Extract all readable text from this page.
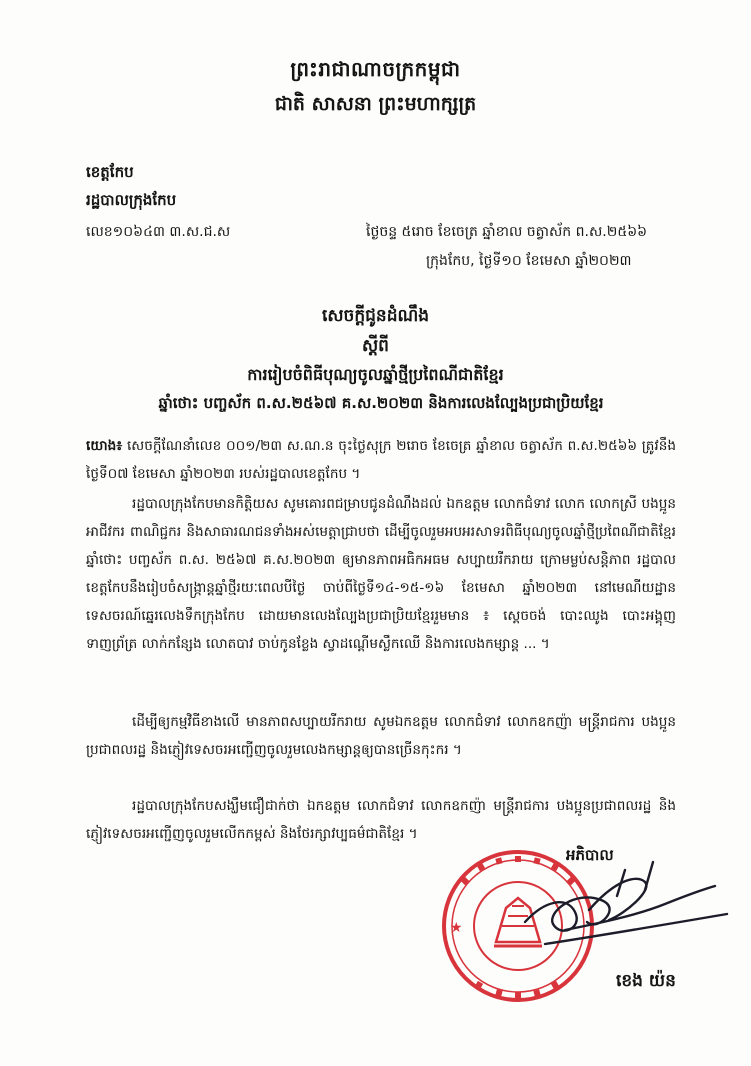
ព្រះរាជាណាចក្រកម្ពុជា
ជាតិ សាសនា ព្រះមហាក្សត្រ
ខេត្តកែប
រដ្ឋបាលក្រុងកែប
លេខ១០៦៤៣ ៣.ស.ជ.ស	ថ្ងៃចន្ទ ៥រោច ខែចេត្រ ឆ្នាំខាល ចត្វាស័ក ព.ស.២៥៦៦
ក្រុងកែប, ថ្ងៃទី១០ ខែមេសា ឆ្នាំ២០២៣
សេចក្តីជូនដំណឹង
ស្តីពី
ការរៀបចំពិធីបុណ្យចូលឆ្នាំថ្មីប្រពៃណីជាតិខ្មែរ
ឆ្នាំថោះ បញ្ចស័ក ព.ស.២៥៦៧ គ.ស.២០២៣ និងការលេងល្បែងប្រជាប្រិយខ្មែរ
យោង៖ សេចក្តីណែនាំលេខ ០០១/២៣ ស.ណ.ន ចុះថ្ងៃសុក្រ ២រោច ខែចេត្រ ឆ្នាំខាល ចត្វាស័ក ព.ស.២៥៦៦ ត្រូវនឹងថ្ងៃទី០៧ ខែមេសា ឆ្នាំ២០២៣ របស់រដ្ឋបាលខេត្តកែប ។
រដ្ឋបាលក្រុងកែបមានកិត្តិយស សូមគោរពជម្រាបជូនដំណឹងដល់ ឯកឧត្តម លោកជំទាវ លោក លោកស្រី បងប្អូនអាជីវករ ពាណិជ្ជករ និងសាធារណជនទាំងអស់មេត្តាជ្រាបថា ដើម្បីចូលរួមអបអរសាទរពិធីបុណ្យចូលឆ្នាំថ្មីប្រពៃណីជាតិខ្មែរ ឆ្នាំថោះ បញ្ចស័ក ព.ស. ២៥៦៧ គ.ស.២០២៣ ឲ្យមានភាពអធិកអធម សប្បាយរីករាយ ក្រោមម្លប់សន្តិភាព រដ្ឋបាលខេត្តកែបនឹងរៀបចំសង្ក្រាន្តឆ្នាំថ្មីរយៈពេលបីថ្ងៃ ចាប់ពីថ្ងៃទី១៤-១៥-១៦ ខែមេសា ឆ្នាំ២០២៣ នៅមេណីយដ្ឋានទេសចរណ៍ឆ្នេរលេងទឹកក្រុងកែប ដោយមានលេងល្បែងប្រជាប្រិយខ្មែររួមមាន ៖ ស្តេចចង់ បោះឈូង បោះអង្គុញ ទាញព្រ័ត្រ លាក់កន្សែង លោតបាវ ចាប់កូនខ្លែង ស្វាដណ្តើមស្លឹកឈើ និងការលេងកម្សាន្ត ... ។
ដើម្បីឲ្យកម្មវិធីខាងលើ មានភាពសប្បាយរីករាយ សូមឯកឧត្តម លោកជំទាវ លោកឧកញ៉ា មន្ត្រីរាជការ បងប្អូនប្រជាពលរដ្ឋ និងភ្ញៀវទេសចរអញ្ជើញចូលរួមលេងកម្សាន្តឲ្យបានច្រើនកុះករ ។
រដ្ឋបាលក្រុងកែបសង្ឃឹមជឿជាក់ថា ឯកឧត្តម លោកជំទាវ លោកឧកញ៉ា មន្ត្រីរាជការ បងប្អូនប្រជាពលរដ្ឋ និងភ្ញៀវទេសចរអញ្ជើញចូលរួមលើកកម្ពស់ និងថែរក្សាវប្បធម៌ជាតិខ្មែរ ។
★
អភិបាល
ខេង យ៉ន
